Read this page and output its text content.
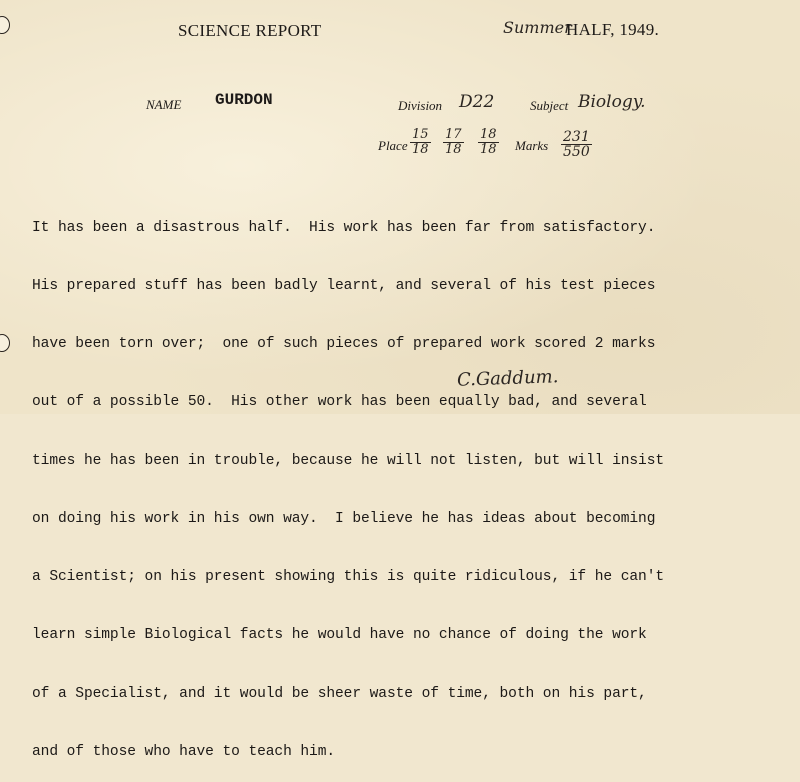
SCIENCE REPORT	Summer
HALF, 1949.
NAME GURDON	Division D22	Subject Biology.
Place $\frac{15}{18} \frac{17}{18} \frac{18}{18}$ Marks $\frac{231}{550}$

It has been a disastrous half.  His work has been far from satisfactory.

His prepared stuff has been badly learnt, and several of his test pieces

have been torn over;  one of such pieces of prepared work scored 2 marks

out of a possible 50.  His other work has been equally bad, and several

times he has been in trouble, because he will not listen, but will insist

on doing his work in his own way.  I believe he has ideas about becoming

a Scientist; on his present showing this is quite ridiculous, if he can't

learn simple Biological facts he would have no chance of doing the work

of a Specialist, and it would be sheer waste of time, both on his part,

and of those who have to teach him.

C.Gaddum.
